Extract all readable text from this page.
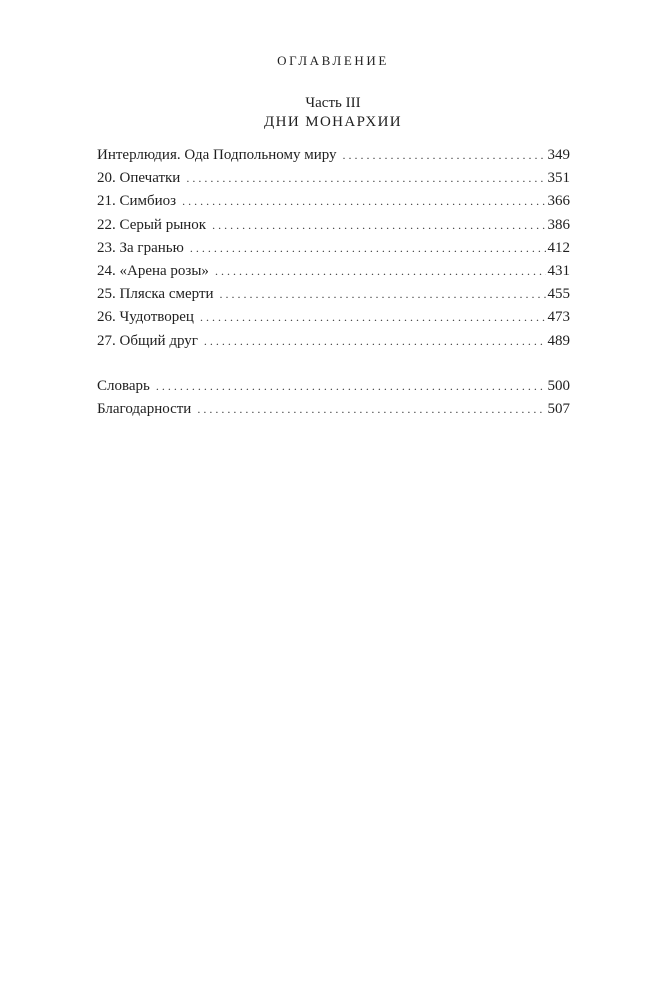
ОГЛАВЛЕНИЕ
Часть III
ДНИ МОНАРХИИ
Интерлюдия. Ода Подпольному миру . . .	349
20. Опечатки . . .	351
21. Симбиоз . . .	366
22. Серый рынок . . .	386
23. За гранью . . .	412
24. «Арена розы» . . .	431
25. Пляска смерти . . .	455
26. Чудотворец . . .	473
27. Общий друг . . .	489
Словарь . . .	500
Благодарности . . .	507
